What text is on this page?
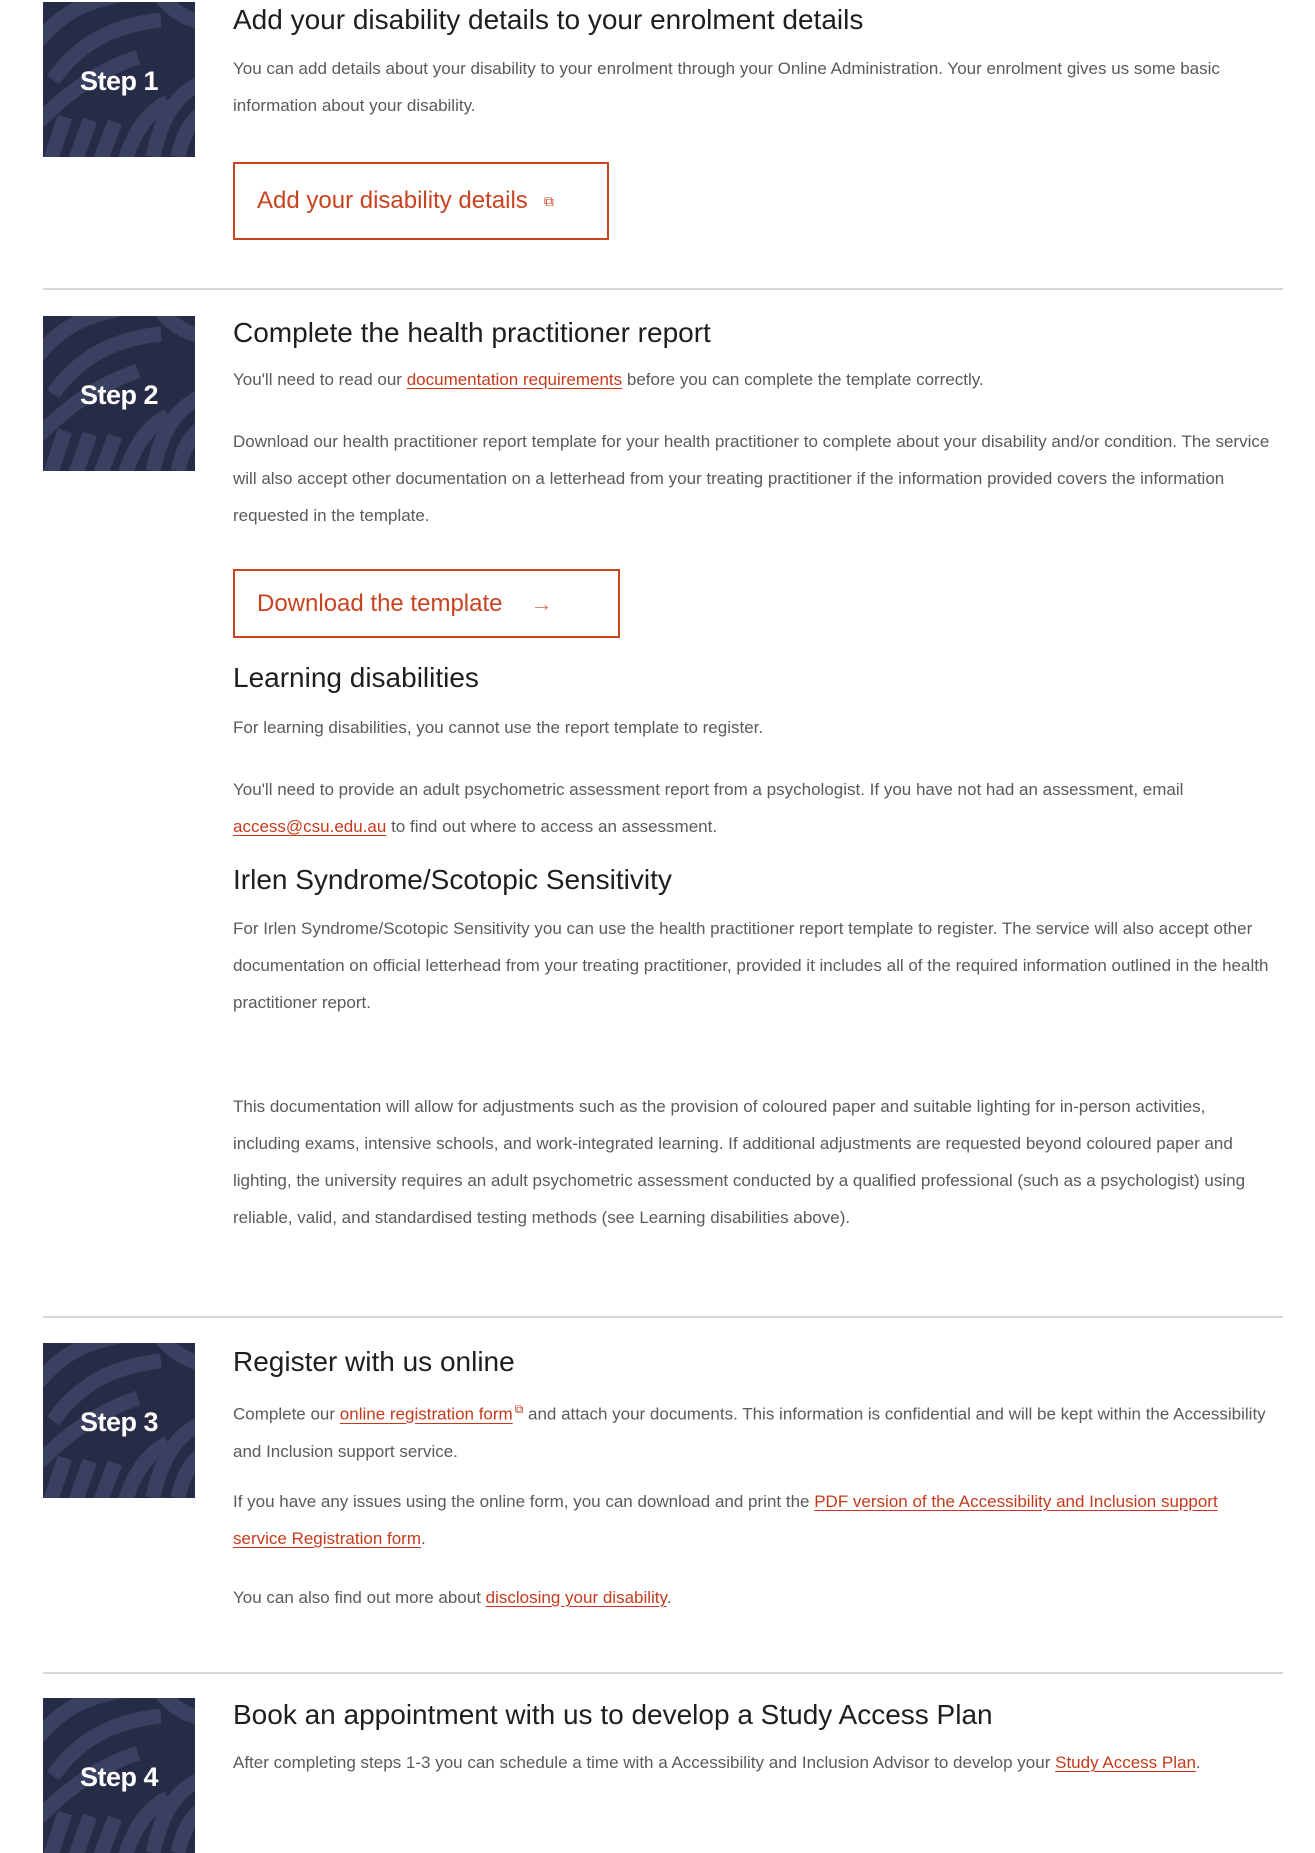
Step 1
Add your disability details to your enrolment details

You can add details about your disability to your enrolment through your Online Administration. Your enrolment gives us some basic information about your disability.

Add your disability details ⧉
Step 2
Complete the health practitioner report

You'll need to read our documentation requirements before you can complete the template correctly.

Download our health practitioner report template for your health practitioner to complete about your disability and/or condition. The service will also accept other documentation on a letterhead from your treating practitioner if the information provided covers the information requested in the template.

Download the template →
Learning disabilities

For learning disabilities, you cannot use the report template to register.

You'll need to provide an adult psychometric assessment report from a psychologist. If you have not had an assessment, email access@csu.edu.au to find out where to access an assessment.

Irlen Syndrome/Scotopic Sensitivity

For Irlen Syndrome/Scotopic Sensitivity you can use the health practitioner report template to register. The service will also accept other documentation on official letterhead from your treating practitioner, provided it includes all of the required information outlined in the health practitioner report.

This documentation will allow for adjustments such as the provision of coloured paper and suitable lighting for in-person activities, including exams, intensive schools, and work-integrated learning. If additional adjustments are requested beyond coloured paper and lighting, the university requires an adult psychometric assessment conducted by a qualified professional (such as a psychologist) using reliable, valid, and standardised testing methods (see Learning disabilities above).

Step 3
Register with us online

Complete our online registration form ⧉ and attach your documents. This information is confidential and will be kept within the Accessibility and Inclusion support service.

If you have any issues using the online form, you can download and print the PDF version of the Accessibility and Inclusion support service Registration form.

You can also find out more about disclosing your disability.

Step 4
Book an appointment with us to develop a Study Access Plan

After completing steps 1-3 you can schedule a time with a Accessibility and Inclusion Advisor to develop your Study Access Plan.
